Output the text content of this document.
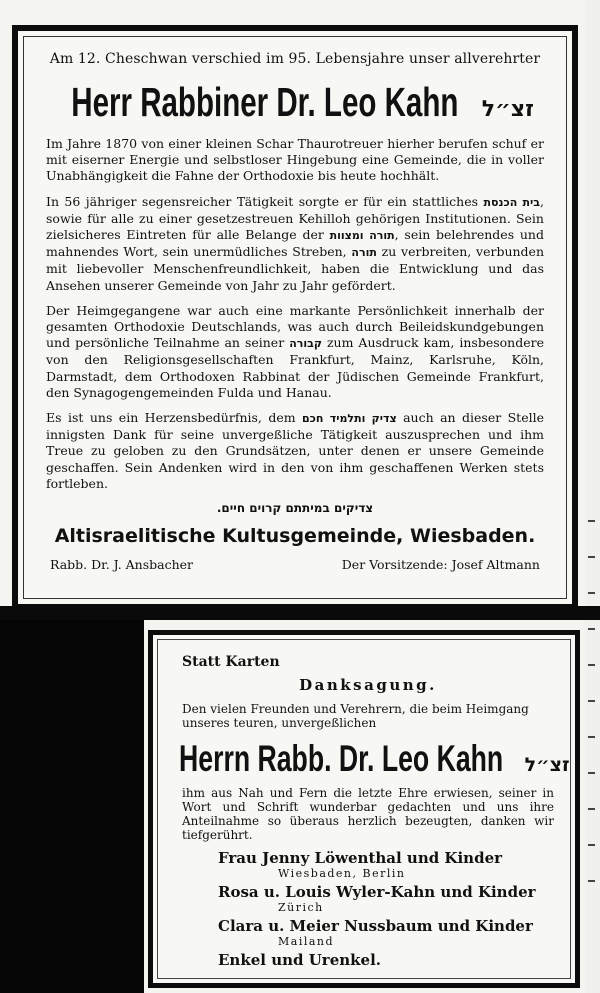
Am 12. Cheschwan verschied im 95. Lebensjahre unser allverehrter

Herr Rabbiner Dr. Leo Kahn זצ״ל

Im Jahre 1870 von einer kleinen Schar Thaurotreuer hierher berufen schuf er mit eiserner Energie und selbstloser Hingebung eine Gemeinde, die in voller Unabhängigkeit die Fahne der Orthodoxie bis heute hochhält.

In 56 jähriger segensreicher Tätigkeit sorgte er für ein stattliches בית הכנסת, sowie für alle zu einer gesetzestreuen Kehilloh gehörigen Institutionen. Sein zielsicheres Eintreten für alle Belange der תורה ומצוות, sein belehrendes und mahnendes Wort, sein unermüdliches Streben, תורה zu verbreiten, verbunden mit liebevoller Menschenfreundlichkeit, haben die Entwicklung und das Ansehen unserer Gemeinde von Jahr zu Jahr gefördert.

Der Heimgegangene war auch eine markante Persönlichkeit innerhalb der gesamten Orthodoxie Deutschlands, was auch durch Beileidskundgebungen und persönliche Teilnahme an seiner קבורה zum Ausdruck kam, insbesondere von den Religionsgesellschaften Frankfurt, Mainz, Karlsruhe, Köln, Darmstadt, dem Orthodoxen Rabbinat der Jüdischen Gemeinde Frankfurt, den Synagogengemeinden Fulda und Hanau.

Es ist uns ein Herzensbedürfnis, dem צדיק ותלמיד חכם auch an dieser Stelle innigsten Dank für seine unvergeßliche Tätigkeit auszusprechen und ihm Treue zu geloben zu den Grundsätzen, unter denen er unsere Gemeinde geschaffen. Sein Andenken wird in den von ihm geschaffenen Werken stets fortleben.

צדיקים במיתתם קרוים חיים.

Altisraelitische Kultusgemeinde, Wiesbaden.
Rabb. Dr. J. Ansbacher	Der Vorsitzende: Josef Altmann

Statt Karten

Danksagung.

Den vielen Freunden und Verehrern, die beim Heimgang unseres teuren, unvergeßlichen

Herrn Rabb. Dr. Leo Kahn זצ״ל

ihm aus Nah und Fern die letzte Ehre erwiesen, seiner in Wort und Schrift wunderbar gedachten und uns ihre Anteilnahme so überaus herzlich bezeugten, danken wir tiefgerührt.

Frau Jenny Löwenthal und Kinder

Wiesbaden, Berlin

Rosa u. Louis Wyler-Kahn und Kinder

Zürich

Clara u. Meier Nussbaum und Kinder

Mailand

Enkel und Urenkel.
